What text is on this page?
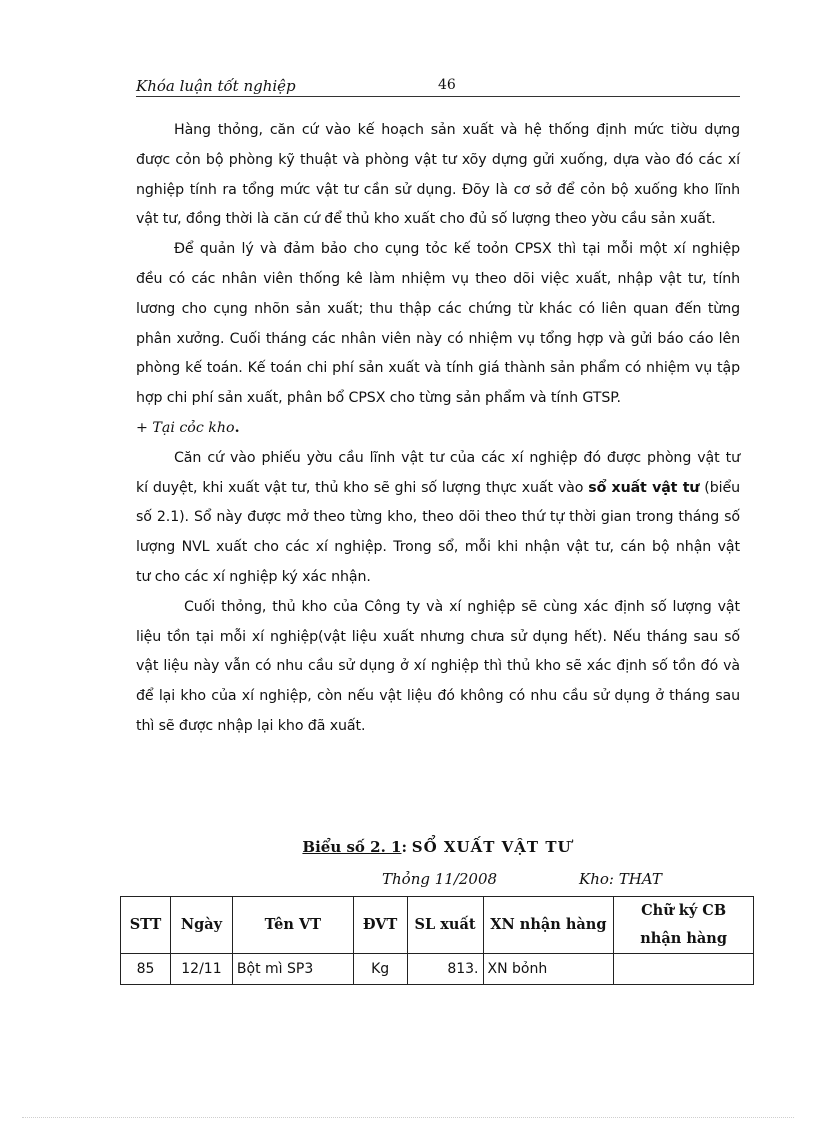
Khóa luận tốt nghiệp	46

Hàng thỏng, căn cứ vào kế hoạch sản xuất và hệ thống định mức tiờu dựng
được cỏn bộ phòng kỹ thuật và phòng vật tư xõy dựng gửi xuống, dựa vào đó các xí
nghiệp tính ra tổng mức vật tư cần sử dụng. Đõy là cơ sở để cỏn bộ xuống kho lĩnh
vật tư, đồng thời là căn cứ để thủ kho xuất cho đủ số lượng theo yờu cầu sản xuất.

Để quản lý và đảm bảo cho cụng tỏc kế toỏn CPSX thì tại mỗi một xí nghiệp
đều có các nhân viên thống kê làm nhiệm vụ theo dõi việc xuất, nhập vật tư, tính
lương cho cụng nhõn sản xuất; thu thập các chứng từ khác có liên quan đến từng
phân xưởng. Cuối tháng các nhân viên này có nhiệm vụ tổng hợp và gửi báo cáo lên
phòng kế toán. Kế toán chi phí sản xuất và tính giá thành sản phẩm có nhiệm vụ tập
hợp chi phí sản xuất, phân bổ CPSX cho từng sản phẩm và tính GTSP.

+ Tại cỏc kho.

Căn cứ vào phiếu yờu cầu lĩnh vật tư của các xí nghiệp đó được phòng vật tư
kí duyệt, khi xuất vật tư, thủ kho sẽ ghi số lượng thực xuất vào sổ xuất vật tư (biểu
số 2.1). Sổ này được mở theo từng kho, theo dõi theo thứ tự thời gian trong tháng số
lượng NVL xuất cho các xí nghiệp. Trong sổ, mỗi khi nhận vật tư, cán bộ nhận vật
tư cho các xí nghiệp ký xác nhận.

Cuối thỏng, thủ kho của Công ty và xí nghiệp sẽ cùng xác định số lượng vật
liệu tồn tại mỗi xí nghiệp(vật liệu xuất nhưng chưa sử dụng hết). Nếu tháng sau số
vật liệu này vẫn có nhu cầu sử dụng ở xí nghiệp thì thủ kho sẽ xác định số tồn đó và
để lại kho của xí nghiệp, còn nếu vật liệu đó không có nhu cầu sử dụng ở tháng sau
thì sẽ được nhập lại kho đã xuất.

Biểu số 2. 1: SỔ XUẤT VẬT TƯ
Thỏng 11/2008	Kho: THAT
STT	Ngày	Tên VT	ĐVT	SL xuất	XN nhận hàng	Chữ ký CB
nhận hàng
85	12/11	Bột mì SP3	Kg	813.	XN bỏnh	
